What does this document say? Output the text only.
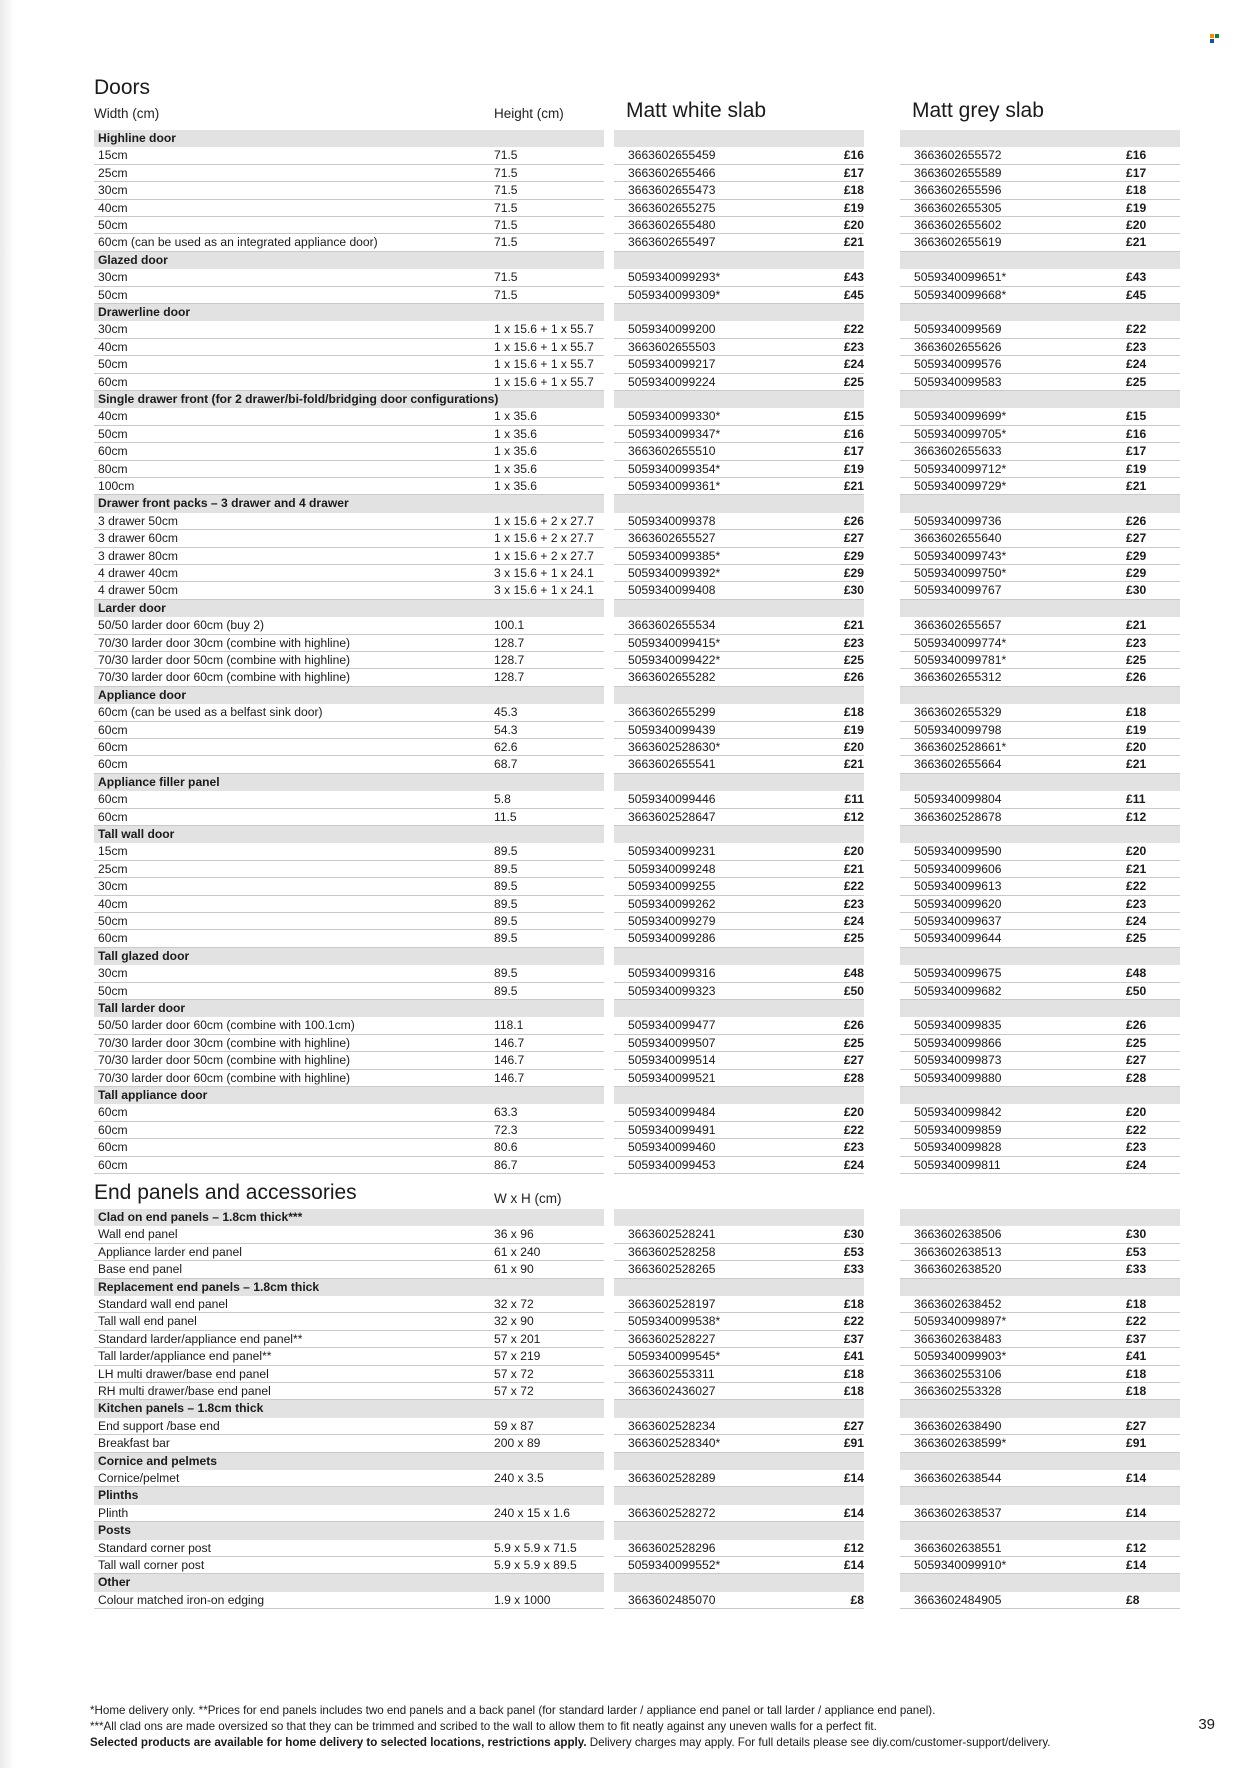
Doors
Width (cm)	Height (cm)	Matt white slab	Matt grey slab
Highline door
15cm	71.5	3663602655459	£16	3663602655572	£16
25cm	71.5	3663602655466	£17	3663602655589	£17
30cm	71.5	3663602655473	£18	3663602655596	£18
40cm	71.5	3663602655275	£19	3663602655305	£19
50cm	71.5	3663602655480	£20	3663602655602	£20
60cm (can be used as an integrated appliance door)	71.5	3663602655497	£21	3663602655619	£21
Glazed door
30cm	71.5	5059340099293*	£43	5059340099651*	£43
50cm	71.5	5059340099309*	£45	5059340099668*	£45
Drawerline door
30cm	1 x 15.6 + 1 x 55.7	5059340099200	£22	5059340099569	£22
40cm	1 x 15.6 + 1 x 55.7	3663602655503	£23	3663602655626	£23
50cm	1 x 15.6 + 1 x 55.7	5059340099217	£24	5059340099576	£24
60cm	1 x 15.6 + 1 x 55.7	5059340099224	£25	5059340099583	£25
Single drawer front (for 2 drawer/bi-fold/bridging door configurations)
40cm	1 x 35.6	5059340099330*	£15	5059340099699*	£15
50cm	1 x 35.6	5059340099347*	£16	5059340099705*	£16
60cm	1 x 35.6	3663602655510	£17	3663602655633	£17
80cm	1 x 35.6	5059340099354*	£19	5059340099712*	£19
100cm	1 x 35.6	5059340099361*	£21	5059340099729*	£21
Drawer front packs – 3 drawer and 4 drawer
3 drawer 50cm	1 x 15.6 + 2 x 27.7	5059340099378	£26	5059340099736	£26
3 drawer 60cm	1 x 15.6 + 2 x 27.7	3663602655527	£27	3663602655640	£27
3 drawer 80cm	1 x 15.6 + 2 x 27.7	5059340099385*	£29	5059340099743*	£29
4 drawer 40cm	3 x 15.6 + 1 x 24.1	5059340099392*	£29	5059340099750*	£29
4 drawer 50cm	3 x 15.6 + 1 x 24.1	5059340099408	£30	5059340099767	£30
Larder door
50/50 larder door 60cm (buy 2)	100.1	3663602655534	£21	3663602655657	£21
70/30 larder door 30cm (combine with highline)	128.7	5059340099415*	£23	5059340099774*	£23
70/30 larder door 50cm (combine with highline)	128.7	5059340099422*	£25	5059340099781*	£25
70/30 larder door 60cm (combine with highline)	128.7	3663602655282	£26	3663602655312	£26
Appliance door
60cm (can be used as a belfast sink door)	45.3	3663602655299	£18	3663602655329	£18
60cm	54.3	5059340099439	£19	5059340099798	£19
60cm	62.6	3663602528630*	£20	3663602528661*	£20
60cm	68.7	3663602655541	£21	3663602655664	£21
Appliance filler panel
60cm	5.8	5059340099446	£11	5059340099804	£11
60cm	11.5	3663602528647	£12	3663602528678	£12
Tall wall door
15cm	89.5	5059340099231	£20	5059340099590	£20
25cm	89.5	5059340099248	£21	5059340099606	£21
30cm	89.5	5059340099255	£22	5059340099613	£22
40cm	89.5	5059340099262	£23	5059340099620	£23
50cm	89.5	5059340099279	£24	5059340099637	£24
60cm	89.5	5059340099286	£25	5059340099644	£25
Tall glazed door
30cm	89.5	5059340099316	£48	5059340099675	£48
50cm	89.5	5059340099323	£50	5059340099682	£50
Tall larder door
50/50 larder door 60cm (combine with 100.1cm)	118.1	5059340099477	£26	5059340099835	£26
70/30 larder door 30cm (combine with highline)	146.7	5059340099507	£25	5059340099866	£25
70/30 larder door 50cm (combine with highline)	146.7	5059340099514	£27	5059340099873	£27
70/30 larder door 60cm (combine with highline)	146.7	5059340099521	£28	5059340099880	£28
Tall appliance door
60cm	63.3	5059340099484	£20	5059340099842	£20
60cm	72.3	5059340099491	£22	5059340099859	£22
60cm	80.6	5059340099460	£23	5059340099828	£23
60cm	86.7	5059340099453	£24	5059340099811	£24
End panels and accessories	W x H (cm)
Clad on end panels – 1.8cm thick***
Wall end panel	36 x 96	3663602528241	£30	3663602638506	£30
Appliance larder end panel	61 x 240	3663602528258	£53	3663602638513	£53
Base end panel	61 x 90	3663602528265	£33	3663602638520	£33
Replacement end panels – 1.8cm thick
Standard wall end panel	32 x 72	3663602528197	£18	3663602638452	£18
Tall wall end panel	32 x 90	5059340099538*	£22	5059340099897*	£22
Standard larder/appliance end panel**	57 x 201	3663602528227	£37	3663602638483	£37
Tall larder/appliance end panel**	57 x 219	5059340099545*	£41	5059340099903*	£41
LH multi drawer/base end panel	57 x 72	3663602553311	£18	3663602553106	£18
RH multi drawer/base end panel	57 x 72	3663602436027	£18	3663602553328	£18
Kitchen panels – 1.8cm thick
End support /base end	59 x 87	3663602528234	£27	3663602638490	£27
Breakfast bar	200 x 89	3663602528340*	£91	3663602638599*	£91
Cornice and pelmets
Cornice/pelmet	240 x 3.5	3663602528289	£14	3663602638544	£14
Plinths
Plinth	240 x 15 x 1.6	3663602528272	£14	3663602638537	£14
Posts
Standard corner post	5.9 x 5.9 x 71.5	3663602528296	£12	3663602638551	£12
Tall wall corner post	5.9 x 5.9 x 89.5	5059340099552*	£14	5059340099910*	£14
Other
Colour matched iron-on edging	1.9 x 1000	3663602485070	£8	3663602484905	£8
*Home delivery only. **Prices for end panels includes two end panels and a back panel (for standard larder / appliance end panel or tall larder / appliance end panel).
***All clad ons are made oversized so that they can be trimmed and scribed to the wall to allow them to fit neatly against any uneven walls for a perfect fit.
Selected products are available for home delivery to selected locations, restrictions apply. Delivery charges may apply. For full details please see diy.com/customer-support/delivery.
39
